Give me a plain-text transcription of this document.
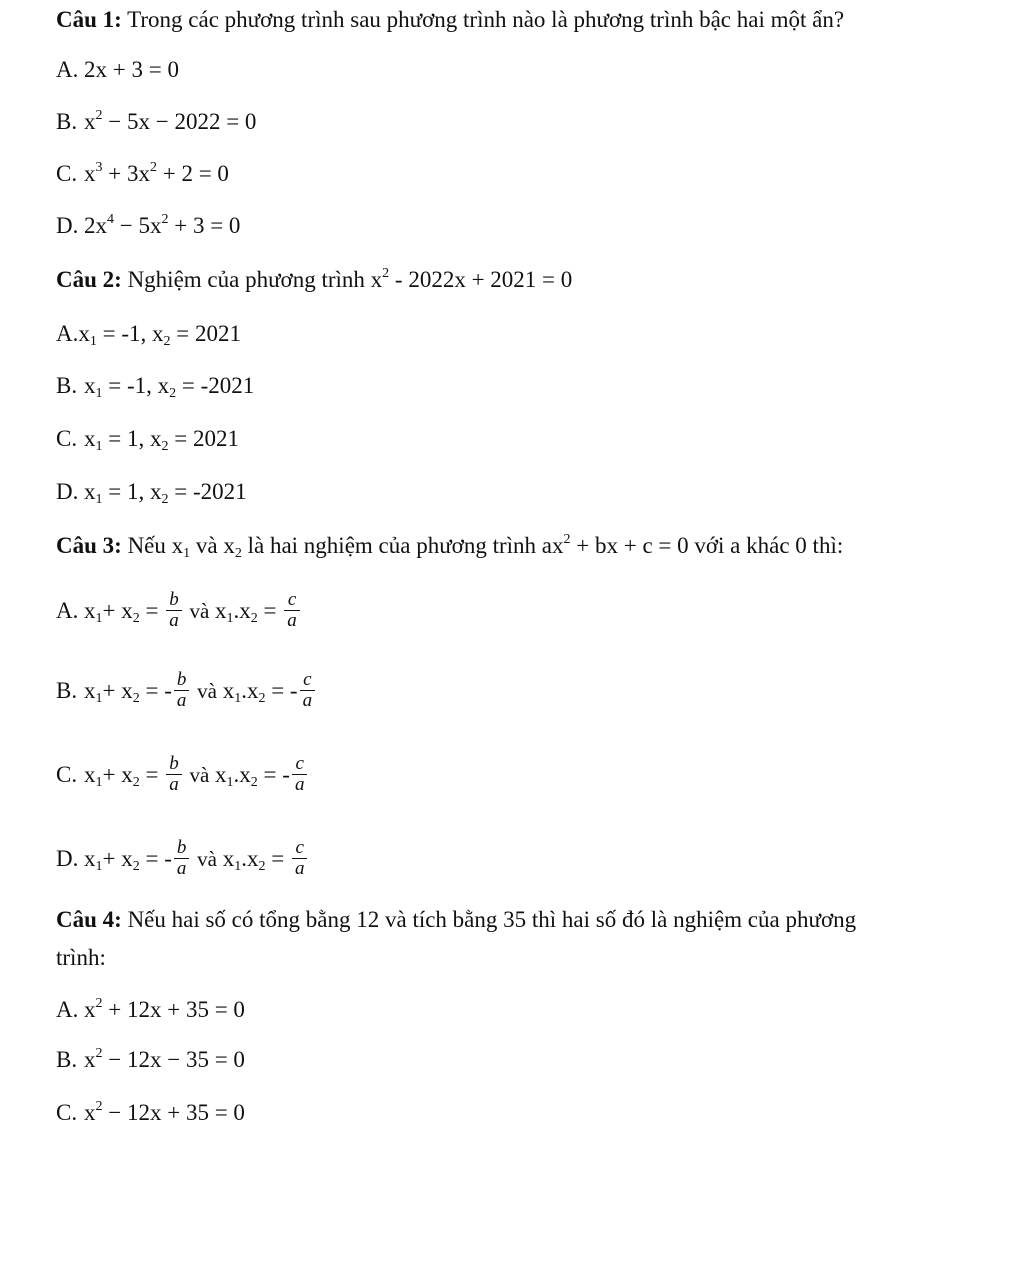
Câu 1: Trong các phương trình sau phương trình nào là phương trình bậc hai một ẩn?
A. 2x + 3 = 0
B. $x^2 - 5x - 2022 = 0$
C. $x^3 + 3x^2 + 2 = 0$
D. $2x^4 - 5x^2 + 3 = 0$
Câu 2: Nghiệm của phương trình $x^2 - 2022x + 2021 = 0$
$A.x_1 = -1$, $x_2 = 2021$
B. $x_1 = -1$, $x_2 = -2021$
C. $x_1 = 1$, $x_2 = 2021$
D. $x_1 = 1$, $x_2 = -2021$
Câu 3: Nếu $x_1$ và $x_2$ là hai nghiệm của phương trình $ax^2$ + bx + c = 0 với a khác 0 thì:
A. $x_1+ x_2 = \frac{b}{a}$ và $x_1.x_2 = \frac{c}{a}$
B. $x_1+ x_2$ = - $\frac{b}{a}$ và $x_1.x_2$ = - $\frac{c}{a}$
C. $x_1+ x_2 = \frac{b}{a}$ và $x_1.x_2$ = - $\frac{c}{a}$
D. $x_1+ x_2$ = - $\frac{b}{a}$ và $x_1.x_2 = \frac{c}{a}$
Câu 4: Nếu hai số có tổng bằng 12 và tích bằng 35 thì hai số đó là nghiệm của phương
trình:
A. $x^2 + 12x + 35 = 0$
B. $x^2 - 12x - 35 = 0$
C. $x^2 - 12x + 35 = 0$
